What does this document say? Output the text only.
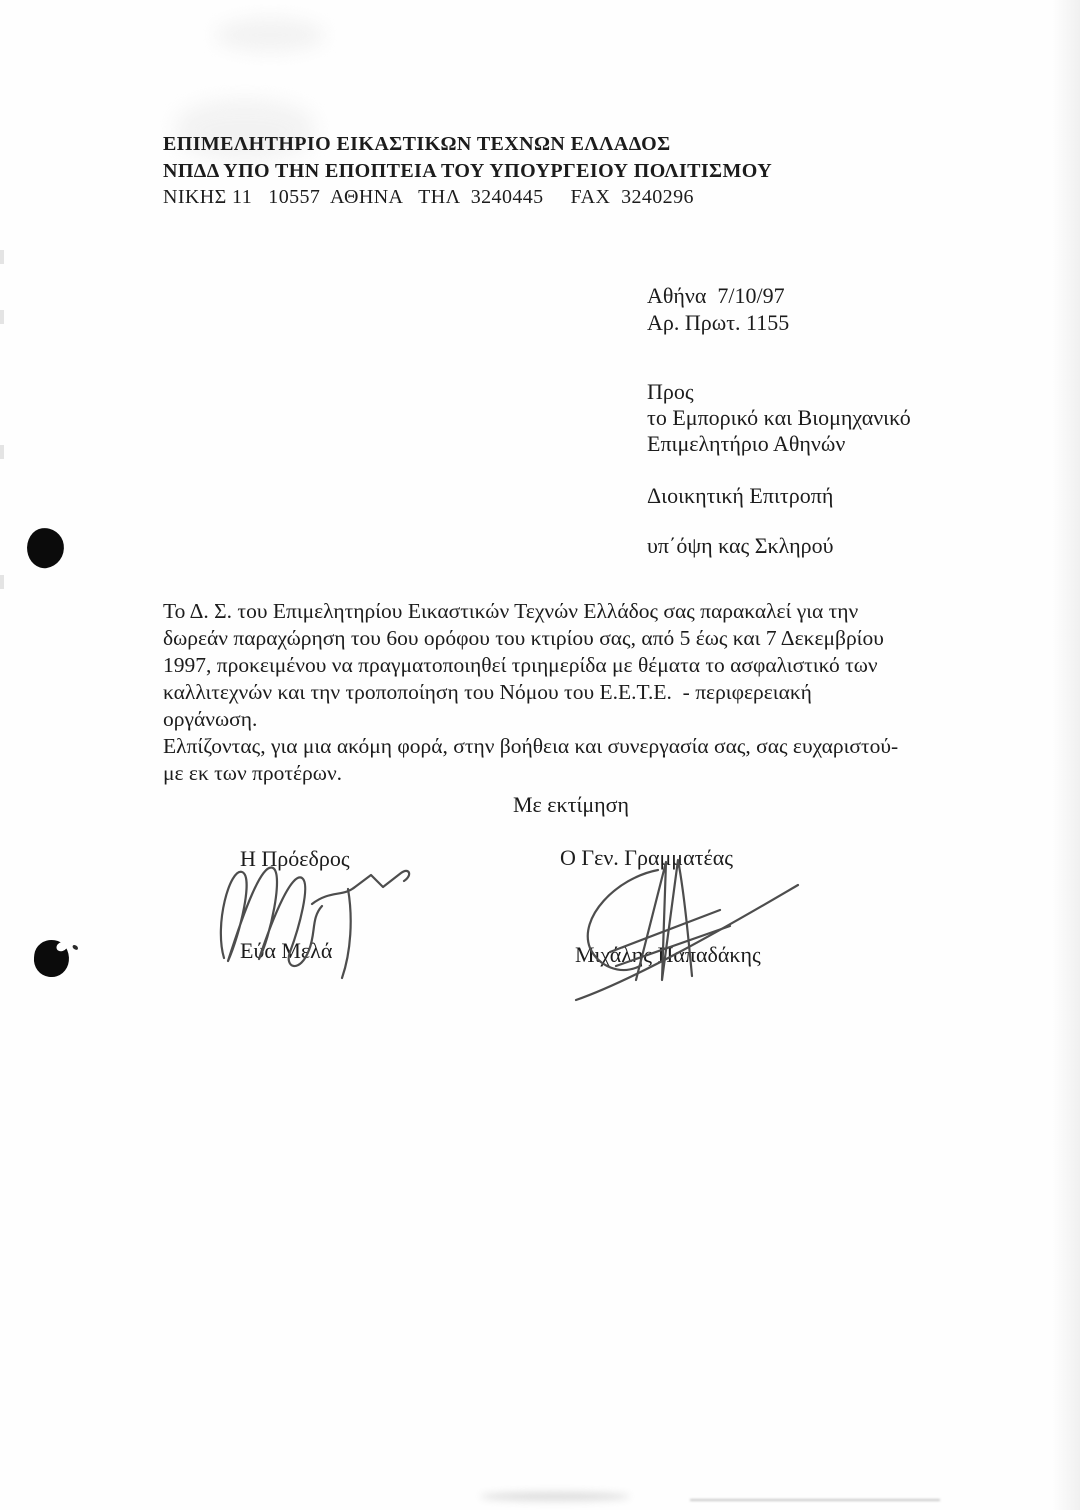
ΕΠΙΜΕΛΗΤΗΡΙΟ ΕΙΚΑΣΤΙΚΩΝ ΤΕΧΝΩΝ ΕΛΛΑΔΟΣ
ΝΠΔΔ ΥΠΟ ΤΗΝ ΕΠΟΠΤΕΙΑ ΤΟΥ ΥΠΟΥΡΓΕΙΟΥ ΠΟΛΙΤΙΣΜΟΥ
ΝΙΚΗΣ 11   10557  ΑΘΗΝΑ   ΤΗΛ  3240445     FAX  3240296
Αθήνα  7/10/97
Αρ. Πρωτ. 1155
Προς
το Εμπορικό και Βιομηχανικό
Επιμελητήριο Αθηνών
Διοικητική Επιτροπή
υπ΄όψη κας Σκληρού
Το Δ. Σ. του Επιμελητηρίου Εικαστικών Τεχνών Ελλάδος σας παρακαλεί για την
δωρεάν παραχώρηση του 6ου ορόφου του κτιρίου σας, από 5 έως και 7 Δεκεμβρίου
1997, προκειμένου να πραγματοποιηθεί τριημερίδα με θέματα το ασφαλιστικό των
καλλιτεχνών και την τροποποίηση του Νόμου του Ε.Ε.Τ.Ε.  - περιφερειακή
οργάνωση.
Ελπίζοντας, για μια ακόμη φορά, στην βοήθεια και συνεργασία σας, σας ευχαριστού-
με εκ των προτέρων.
Με εκτίμηση
Η Πρόεδρος
Εύα Μελά
Ο Γεν. Γραμματέας
Μιχάλης Παπαδάκης
